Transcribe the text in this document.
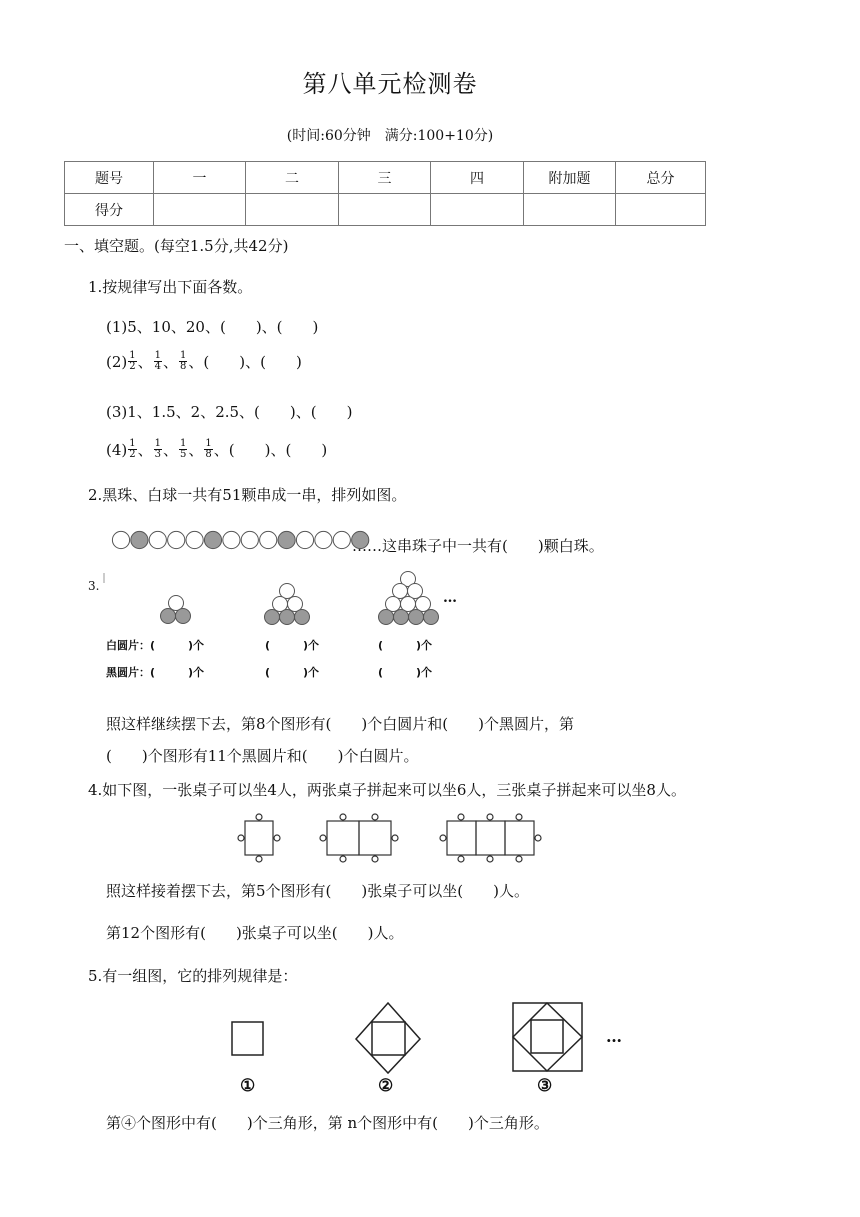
第八单元检测卷
(时间:60分钟　满分:100+10分)
题号	一	二	三	四	附加题	总分
得分						
一、填空题。(每空1.5分,共42分)
1.按规律写出下面各数。
(1)5、10、20、(　　)、(　　)
$(2) \frac{1}{2}$ 、 $\frac{1}{4}$ 、 $\frac{1}{8}$ 、(　　)、(　　)
(3)1、1.5、2、2.5、(　　)、(　　)
$(4) \frac{1}{2}$ 、 $\frac{1}{3}$ 、 $\frac{1}{5}$ 、 $\frac{1}{8}$ 、(　　)、(　　)
2.黑珠、白球一共有51颗串成一串，排列如图。
……这串珠子中一共有(　　)颗白珠。
3.
…
白圆片：(　　　)个	(　　　)个	(　　　)个
黑圆片：(　　　)个	(　　　)个	(　　　)个
照这样继续摆下去，第8个图形有(　　)个白圆片和(　　)个黑圆片，第
(　　)个图形有11个黑圆片和(　　)个白圆片。
4.如下图，一张桌子可以坐4人，两张桌子拼起来可以坐6人，三张桌子拼起来可以坐8人。
照这样接着摆下去，第5个图形有(　　)张桌子可以坐(　　)人。
第12个图形有(　　)张桌子可以坐(　　)人。
5.有一组图，它的排列规律是：
①	②	③
…
第④个图形中有(　　)个三角形，第 n个图形中有(　　)个三角形。
